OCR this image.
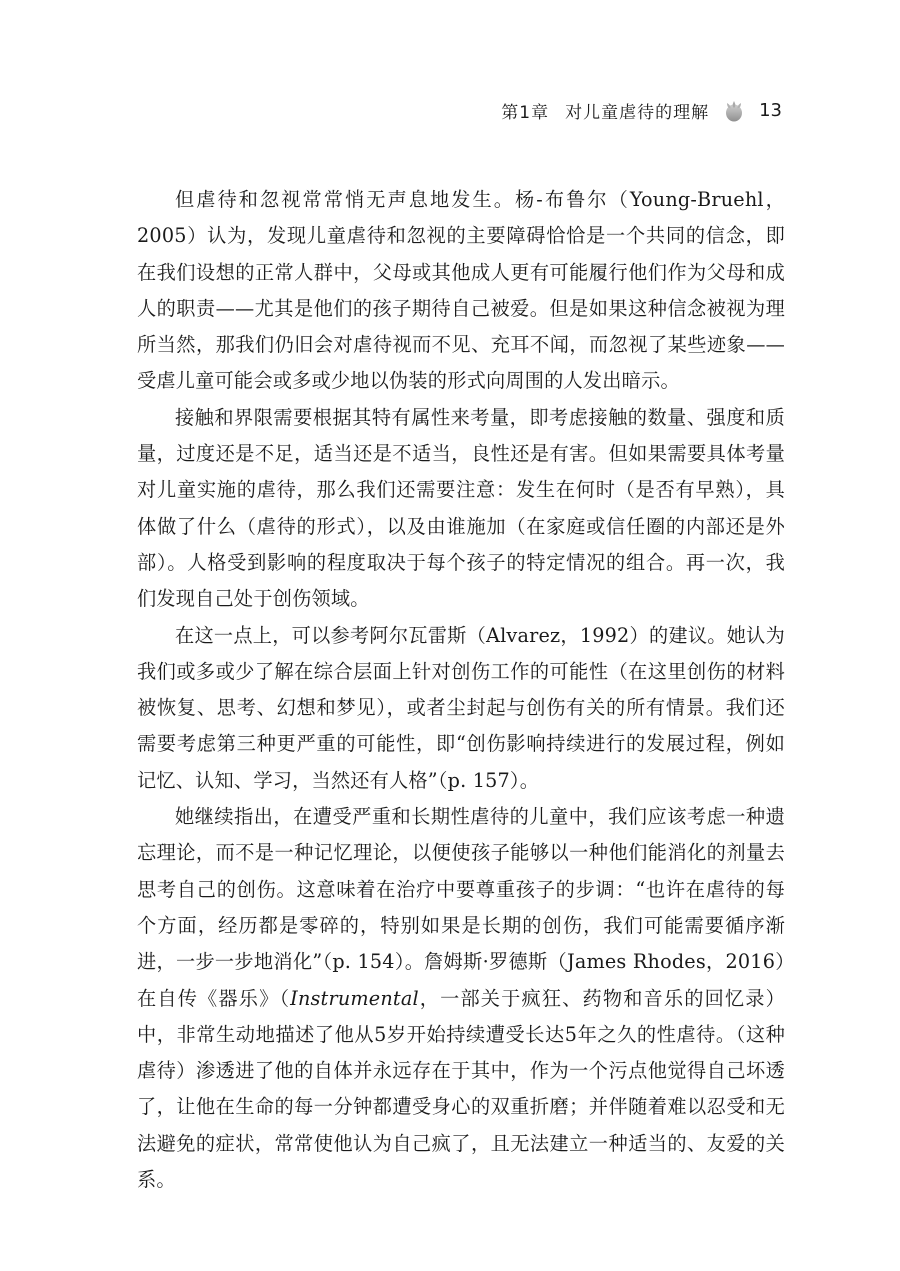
第1章 对儿童虐待的理解	13

但虐待和忽视常常悄无声息地发生。杨-布鲁尔（Young-Bruehl，2005）认为，发现儿童虐待和忽视的主要障碍恰恰是一个共同的信念，即在我们设想的正常人群中，父母或其他成人更有可能履行他们作为父母和成人的职责——尤其是他们的孩子期待自己被爱。但是如果这种信念被视为理所当然，那我们仍旧会对虐待视而不见、充耳不闻，而忽视了某些迹象——受虐儿童可能会或多或少地以伪装的形式向周围的人发出暗示。

接触和界限需要根据其特有属性来考量，即考虑接触的数量、强度和质量，过度还是不足，适当还是不适当，良性还是有害。但如果需要具体考量对儿童实施的虐待，那么我们还需要注意：发生在何时（是否有早熟），具体做了什么（虐待的形式），以及由谁施加（在家庭或信任圈的内部还是外部）。人格受到影响的程度取决于每个孩子的特定情况的组合。再一次，我们发现自己处于创伤领域。

在这一点上，可以参考阿尔瓦雷斯（Alvarez，1992）的建议。她认为我们或多或少了解在综合层面上针对创伤工作的可能性（在这里创伤的材料被恢复、思考、幻想和梦见），或者尘封起与创伤有关的所有情景。我们还需要考虑第三种更严重的可能性，即“创伤影响持续进行的发展过程，例如记忆、认知、学习，当然还有人格”（p. 157）。

她继续指出，在遭受严重和长期性虐待的儿童中，我们应该考虑一种遗忘理论，而不是一种记忆理论，以便使孩子能够以一种他们能消化的剂量去思考自己的创伤。这意味着在治疗中要尊重孩子的步调：“也许在虐待的每个方面，经历都是零碎的，特别如果是长期的创伤，我们可能需要循序渐进，一步一步地消化”（p. 154）。詹姆斯·罗德斯（James Rhodes，2016）在自传《器乐》（Instrumental，一部关于疯狂、药物和音乐的回忆录）中，非常生动地描述了他从5岁开始持续遭受长达5年之久的性虐待。（这种虐待）渗透进了他的自体并永远存在于其中，作为一个污点他觉得自己坏透了，让他在生命的每一分钟都遭受身心的双重折磨；并伴随着难以忍受和无法避免的症状，常常使他认为自己疯了，且无法建立一种适当的、友爱的关系。
